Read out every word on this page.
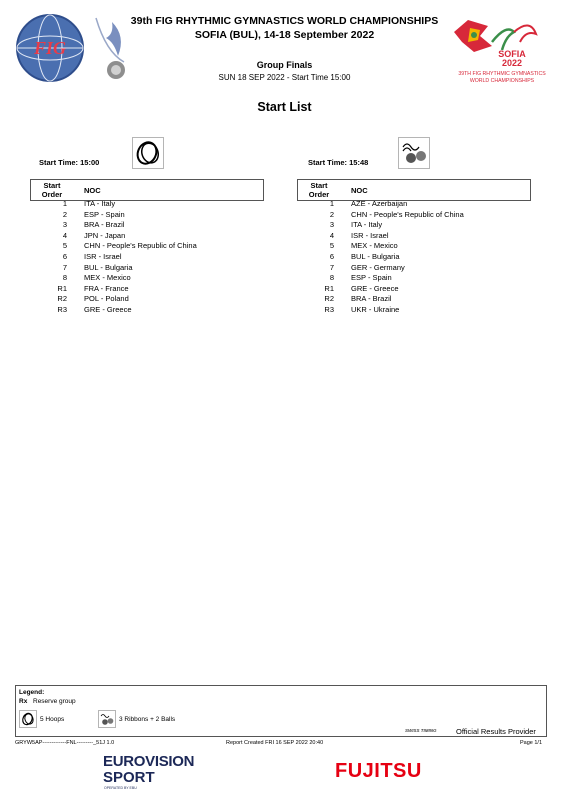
FIG
39th FIG RHYTHMIC GYMNASTICS WORLD CHAMPIONSHIPS
SOFIA (BUL), 14-18 September 2022
Group Finals
SUN 18 SEP 2022 - Start Time 15:00
SOFIA
2022
39TH FIG RHYTHMIC GYMNASTICS
WORLD CHAMPIONSHIPS
Start List
Start Time: 15:00
Start
Order	NOC
1 ITA - Italy
2 ESP - Spain
3 BRA - Brazil
4 JPN - Japan
5 CHN - People's Republic of China
6 ISR - Israel
7 BUL - Bulgaria
8 MEX - Mexico
R1 FRA - France
R2 POL - Poland
R3 GRE - Greece
Start Time: 15:48
Start
Order	NOC
1 AZE - Azerbaijan
2 CHN - People's Republic of China
3 ITA - Italy
4 ISR - Israel
5 MEX - Mexico
6 BUL - Bulgaria
7 GER - Germany
8 ESP - Spain
R1 GRE - Greece
R2 BRA - Brazil
R3 UKR - Ukraine
Legend:
Rx Reserve group
5 Hoops	3 Ribbons + 2 Balls
SWISS TIMING	Official Results Provider
GRYW5AP-------------FNL---------_51J 1.0	Report Created FRI 16 SEP 2022 20:40	Page 1/1
EUROVISION
SPORT
OPERATED BY EBU
FUJITSU
